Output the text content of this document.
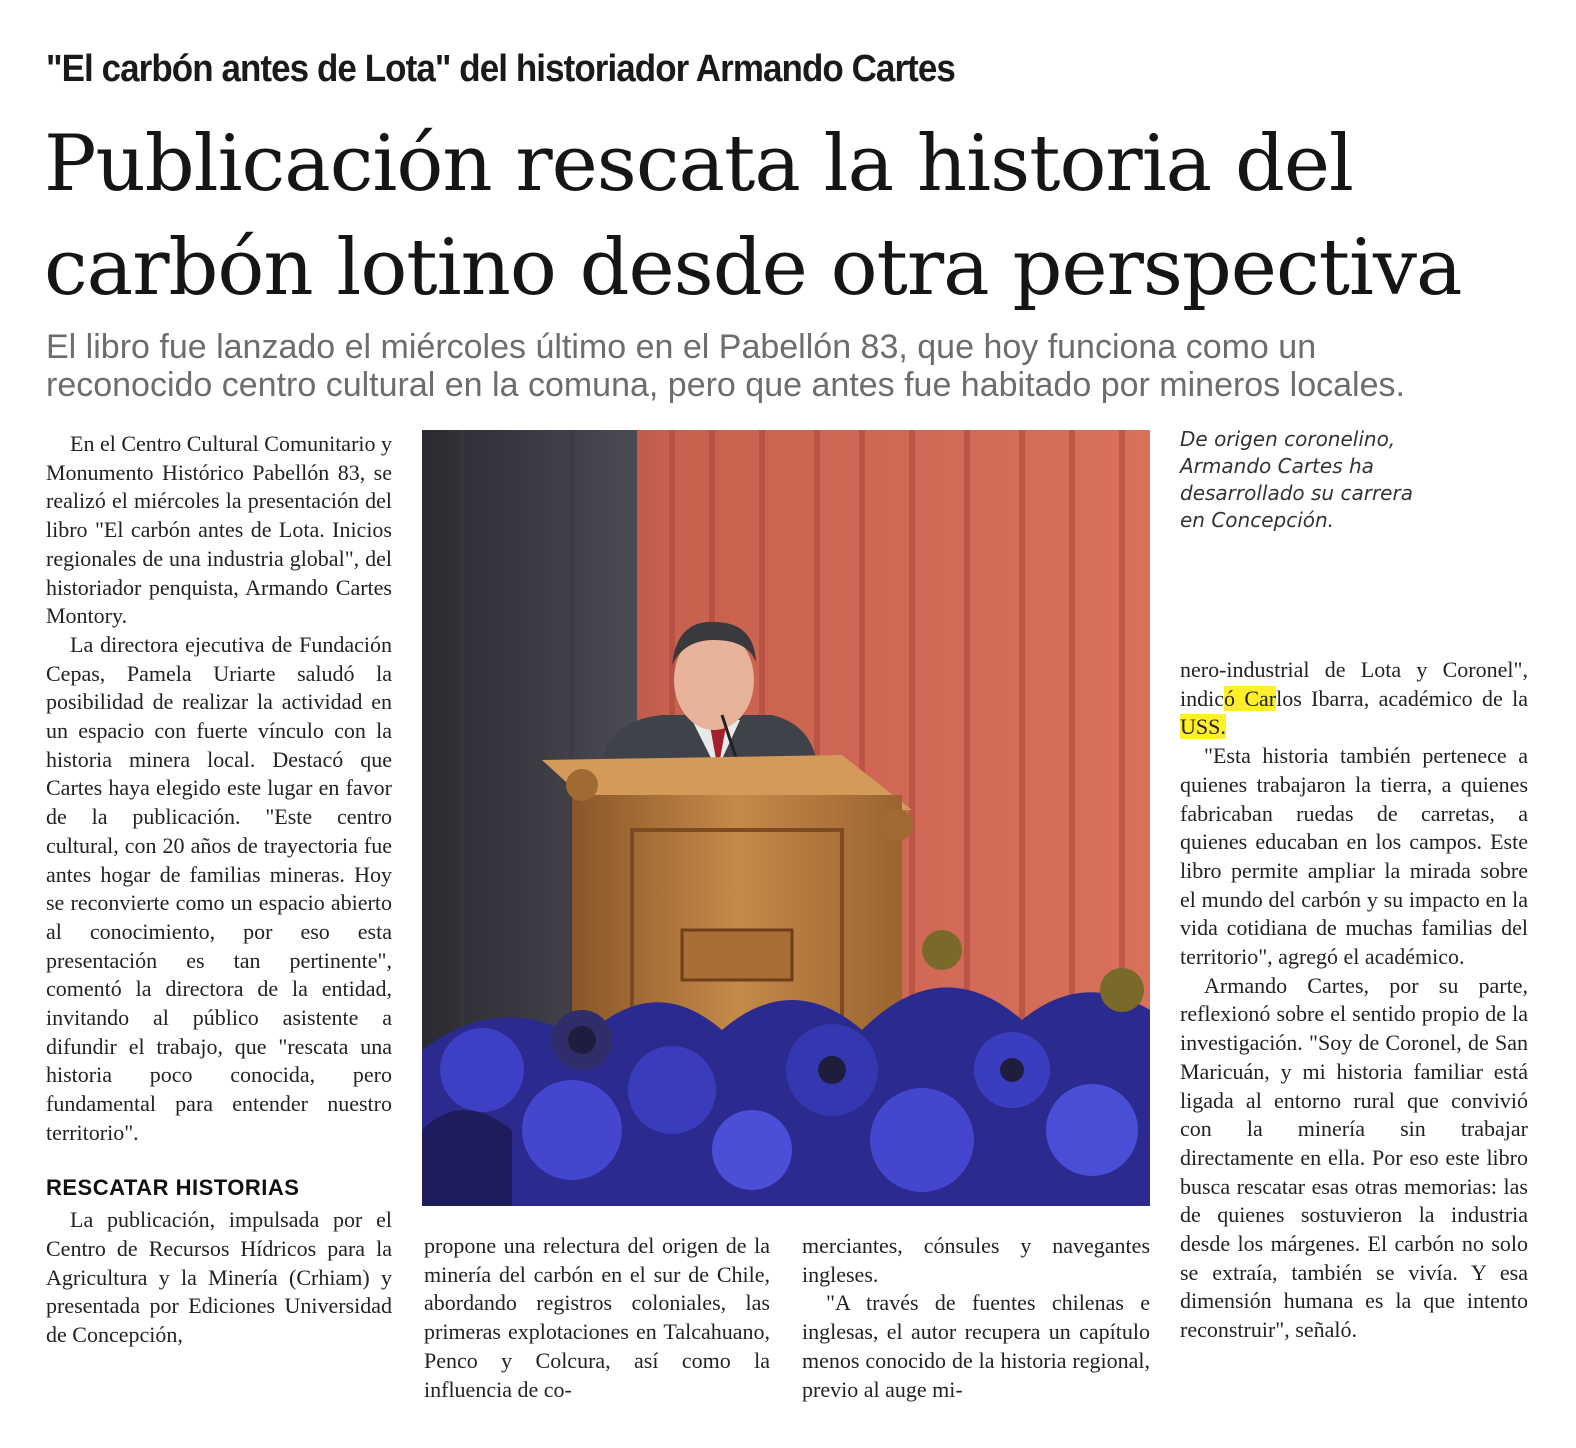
"El carbón antes de Lota" del historiador Armando Cartes
Publicación rescata la historia del
carbón lotino desde otra perspectiva
El libro fue lanzado el miércoles último en el Pabellón 83, que hoy funciona como un
reconocido centro cultural en la comuna, pero que antes fue habitado por mineros locales.

En el Centro Cultural Comunitario y Monumento Histórico Pabellón 83, se realizó el miércoles la presentación del libro "El carbón antes de Lota. Inicios regionales de una industria global", del historiador penquista, Armando Cartes Montory.

La directora ejecutiva de Fundación Cepas, Pamela Uriarte saludó la posibilidad de realizar la actividad en un espacio con fuerte vínculo con la historia minera local. Destacó que Cartes haya elegido este lugar en favor de la publicación. "Este centro cultural, con 20 años de trayectoria fue antes hogar de familias mineras. Hoy se reconvierte como un espacio abierto al conocimiento, por eso esta presentación es tan pertinente", comentó la directora de la entidad, invitando al público asistente a difundir el trabajo, que "rescata una historia poco conocida, pero fundamental para entender nuestro territorio".

RESCATAR HISTORIAS

La publicación, impulsada por el Centro de Recursos Hídricos para la Agricultura y la Minería (Crhiam) y presentada por Ediciones Universidad de Concepción,

De origen coronelino, Armando Cartes ha desarrollado su carrera en Concepción.

propone una relectura del origen de la minería del carbón en el sur de Chile, abordando registros coloniales, las primeras explotaciones en Talcahuano, Penco y Colcura, así como la influencia de co-

merciantes, cónsules y navegantes ingleses.

"A través de fuentes chilenas e inglesas, el autor recupera un capítulo menos conocido de la historia regional, previo al auge mi-

nero-industrial de Lota y Coronel", indicó Carlos Ibarra, académico de la USS.

"Esta historia también pertenece a quienes trabajaron la tierra, a quienes fabricaban ruedas de carretas, a quienes educaban en los campos. Este libro permite ampliar la mirada sobre el mundo del carbón y su impacto en la vida cotidiana de muchas familias del territorio", agregó el académico.

Armando Cartes, por su parte, reflexionó sobre el sentido propio de la investigación. "Soy de Coronel, de San Maricuán, y mi historia familiar está ligada al entorno rural que convivió con la minería sin trabajar directamente en ella. Por eso este libro busca rescatar esas otras memorias: las de quienes sostuvieron la industria desde los márgenes. El carbón no solo se extraía, también se vivía. Y esa dimensión humana es la que intento reconstruir", señaló.
